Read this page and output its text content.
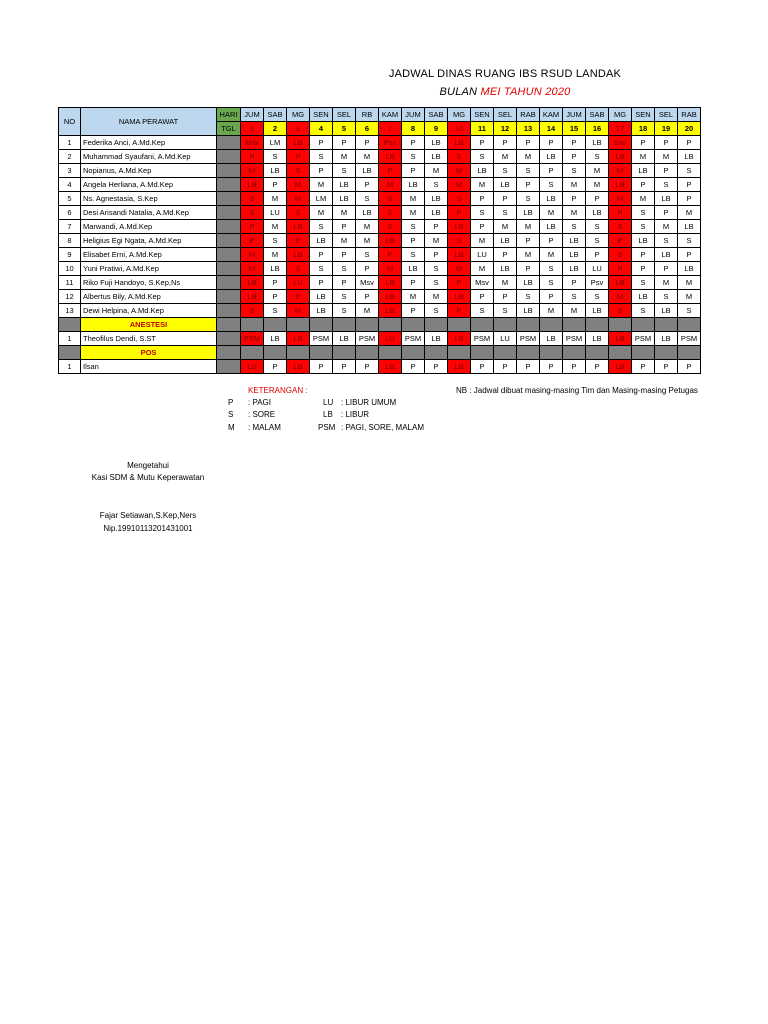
JADWAL DINAS RUANG IBS RSUD LANDAK
BULAN MEI TAHUN 2020
NO	NAMA PERAWAT	HARI	JUM	SAB	MG	SEN	SEL	RB	KAM	JUM	SAB	MG	SEN	SEL	RAB	KAM	JUM	SAB	MG	SEN	SEL	RAB
		TGL	1	2	3	4	5	6	7	8	9	10	11	12	13	14	15	16	17	18	19	20
1	Federika Anci, A.Md.Kep		Msv	LM	LB	P	P	P	Psv	P	LB	LB	P	P	P	P	P	LB	Ssv	P	P	P
2	Muhammad Syaufani, A.Md.Kep		P	S	P	S	M	M	LB	S	LB	S	S	M	M	LB	P	S	LB	M	M	LB
3	Nopianus, A.Md.Kep		M	LB	S	P	S	LB	P	P	M	M	LB	S	S	P	S	M	M	LB	P	S
4	Angela Herliana, A.Md.Kep		LB	P	M	M	LB	P	M	LB	S	M	M	LB	P	S	M	M	LB	P	S	P
5	Ns. Agnestasia, S.Kep		S	M	M	LM	LB	S	S	M	LB	S	P	P	S	LB	P	P	M	M	LB	P
6	Desi Arisandi Natalia, A.Md.Kep		S	LU	S	M	M	LB	S	M	LB	P	S	S	LB	M	M	LB	P	S	P	M
7	Marwandi, A.Md.Kep		P	M	LB	S	P	M	S	S	P	LB	P	M	M	LB	S	S	S	S	M	LB
8	Heligius Egi Ngata, A.Md.Kep		P	S	P	LB	M	M	LB	P	M	S	M	LB	P	P	LB	S	P	LB	S	S
9	Elisabet Erni, A.Md.Kep		M	M	LB	P	P	S	P	S	P	LB	LU	P	M	M	LB	P	S	P	LB	P
10	Yuni Pratiwi, A.Md.Kep		M	LB	S	S	S	P	M	LB	S	M	M	LB	P	S	LB	LU	P	P	P	LB
11	Riko Fuji Handoyo, S.Kep,Ns		LB	P	LU	P	P	Msv	LB	P	S	P	Msv	M	LB	S	P	Psv	LB	S	M	M
12	Albertus Bily, A.Md.Kep		LB	P	P	LB	S	P	LB	M	M	LB	P	P	S	P	S	S	M	LB	S	M
13	Dewi Helpina, A.Md.Kep		S	S	M	LB	S	M	LB	P	S	P	S	S	LB	M	M	LB	S	S	LB	S
	ANESTESI																					
1	Theofilus Dendi, S.ST		PSM	LB	LB	PSM	LB	PSM	LU	PSM	LB	LB	PSM	LU	PSM	LB	PSM	LB	LB	PSM	LB	PSM
	POS																					
1	Ilsan		LU	P	LB	P	P	P	LB	P	P	LB	P	P	P	P	P	P	LB	P	P	P
KETERANGAN :	NB : Jadwal dibuat masing-masing Tim dan Masing-masing Petugas
P : PAGI	LU : LIBUR UMUM
S : SORE	LB : LIBUR
M : MALAM	PSM : PAGI, SORE, MALAM
Mengetahui
Kasi SDM & Mutu Keperawatan
Fajar Setiawan,S.Kep,Ners
Nip.19910113201431001
